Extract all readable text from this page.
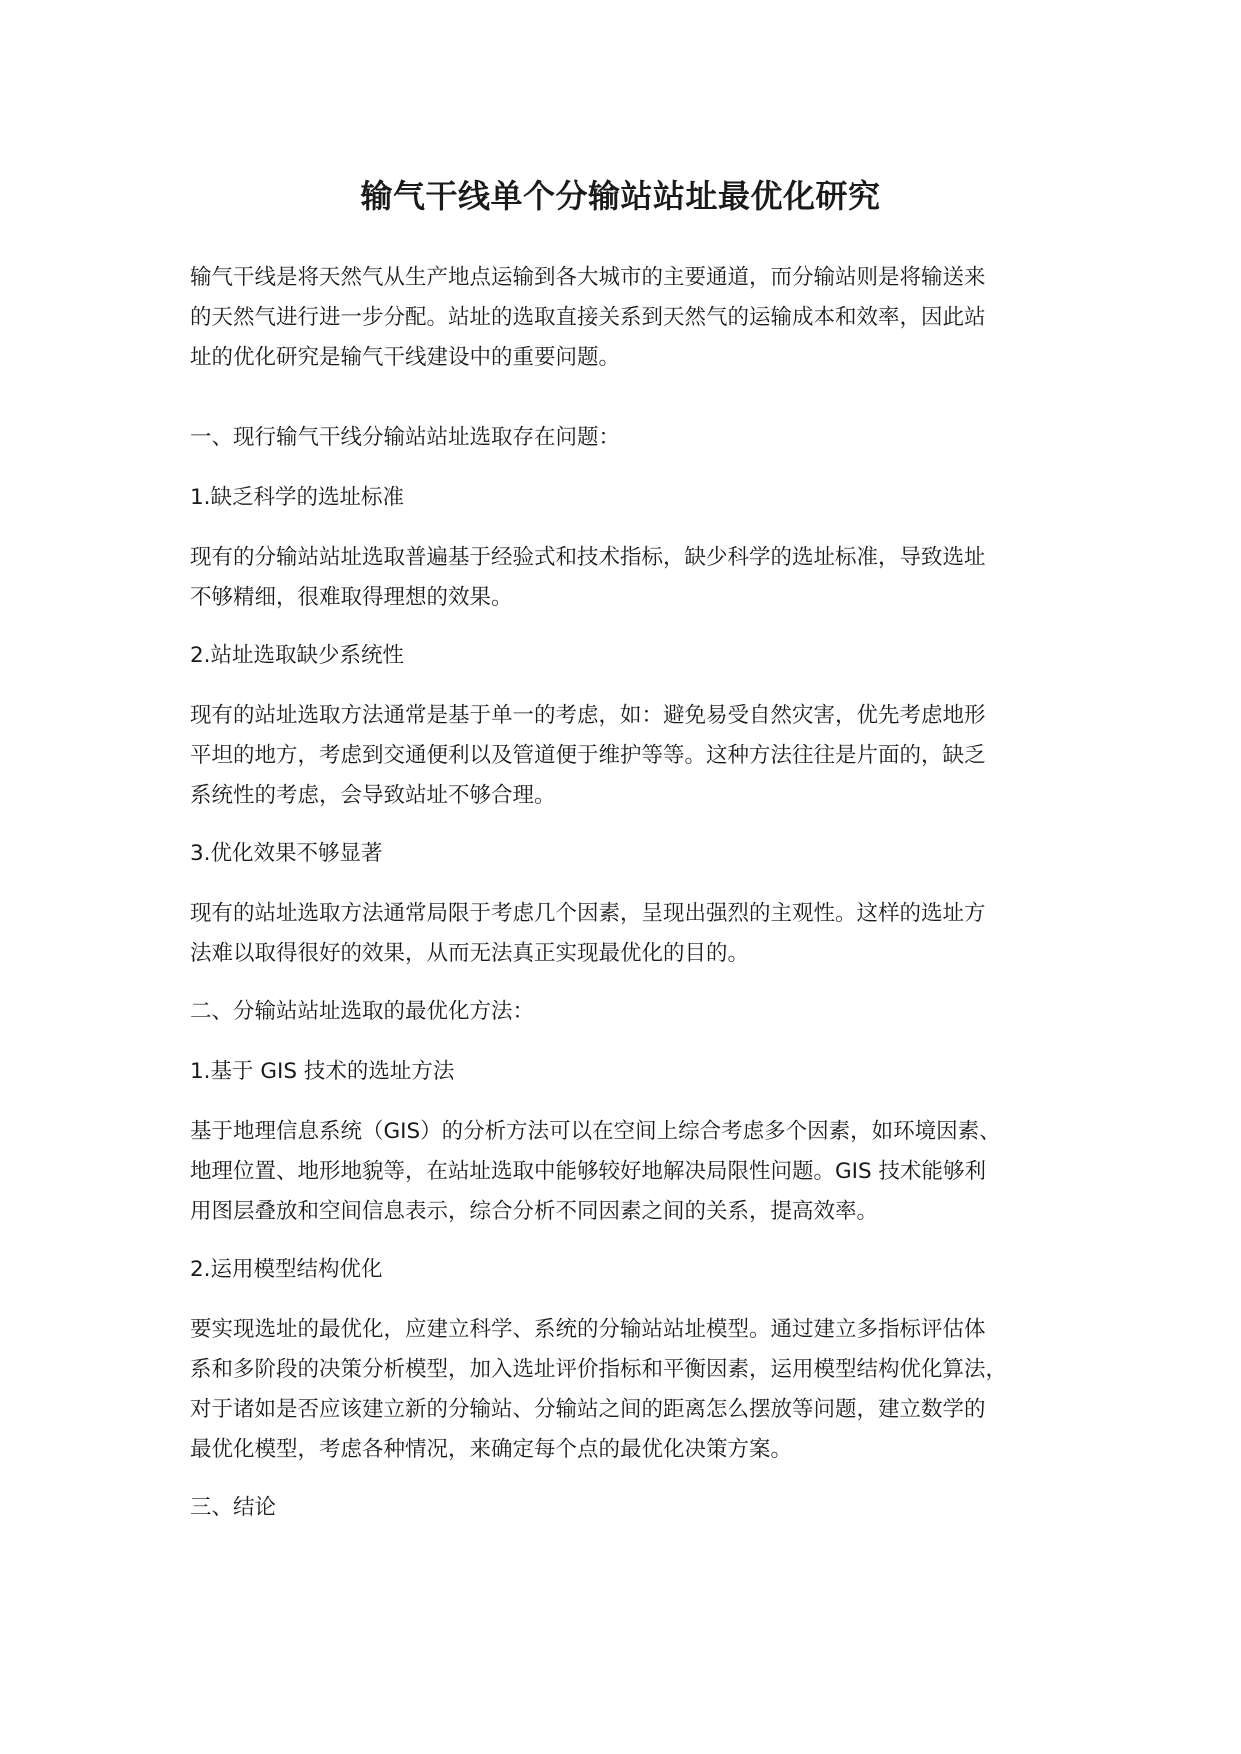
输气干线单个分输站站址最优化研究
输气干线是将天然气从生产地点运输到各大城市的主要通道，而分输站则是将输送来
的天然气进行进一步分配。站址的选取直接关系到天然气的运输成本和效率，因此站
址的优化研究是输气干线建设中的重要问题。
一、现行输气干线分输站站址选取存在问题：
1.缺乏科学的选址标准
现有的分输站站址选取普遍基于经验式和技术指标，缺少科学的选址标准，导致选址
不够精细，很难取得理想的效果。
2.站址选取缺少系统性
现有的站址选取方法通常是基于单一的考虑，如：避免易受自然灾害，优先考虑地形
平坦的地方，考虑到交通便利以及管道便于维护等等。这种方法往往是片面的，缺乏
系统性的考虑，会导致站址不够合理。
3.优化效果不够显著
现有的站址选取方法通常局限于考虑几个因素，呈现出强烈的主观性。这样的选址方
法难以取得很好的效果，从而无法真正实现最优化的目的。
二、分输站站址选取的最优化方法：
1.基于 GIS 技术的选址方法
基于地理信息系统（GIS）的分析方法可以在空间上综合考虑多个因素，如环境因素、
地理位置、地形地貌等，在站址选取中能够较好地解决局限性问题。GIS 技术能够利
用图层叠放和空间信息表示，综合分析不同因素之间的关系，提高效率。
2.运用模型结构优化
要实现选址的最优化，应建立科学、系统的分输站站址模型。通过建立多指标评估体
系和多阶段的决策分析模型，加入选址评价指标和平衡因素，运用模型结构优化算法，
对于诸如是否应该建立新的分输站、分输站之间的距离怎么摆放等问题，建立数学的
最优化模型，考虑各种情况，来确定每个点的最优化决策方案。
三、结论
